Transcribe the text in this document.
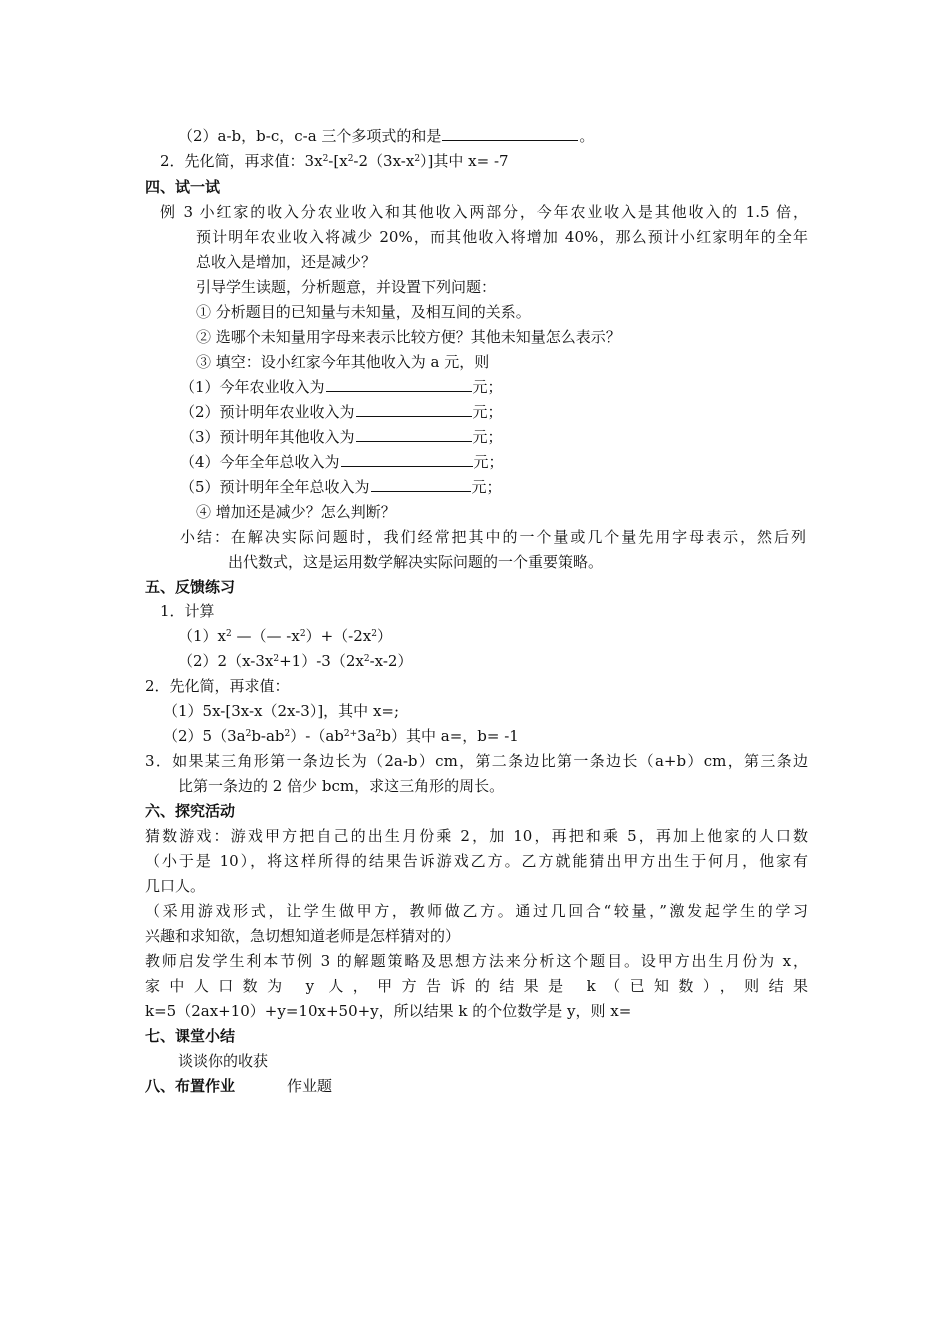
（2）a-b，b-c，c-a 三个多项式的和是	。
2．先化简，再求值：$3x^2-[x^2-2(3x-x^2)]$其中 x= -7
四、试一试
例 3 小红家的收入分农业收入和其他收入两部分，今年农业收入是其他收入的 1.5 倍，
预计明年农业收入将减少 20%，而其他收入将增加 40%，那么预计小红家明年的全年
总收入是增加，还是减少？
引导学生读题，分析题意，并设置下列问题：
① 分析题目的已知量与未知量，及相互间的关系。
② 选哪个未知量用字母来表示比较方便？其他未知量怎么表示？
③ 填空：设小红家今年其他收入为 a 元，则
（1）今年农业收入为	元；
（2）预计明年农业收入为	元；
（3）预计明年其他收入为	元；
（4）今年全年总收入为	元；
（5）预计明年全年总收入为	元；
④ 增加还是减少？怎么判断？
小结：在解决实际问题时，我们经常把其中的一个量或几个量先用字母表示，然后列
出代数式，这是运用数学解决实际问题的一个重要策略。
五、反馈练习
1．计算
$(1)x^2$ —（— $-x^2)+(-2x^2)$
$(2)2(x-3x^2+1)-3(2x^2-x-2)$
2．先化简，再求值：
（1）5x-[3x-x（2x-3）]，其中 x=;
$(2)5(3a^2b-ab^2)-(ab^{2+}3a^2b)$其中 a=，b= -1
3．如果某三角形第一条边长为（2a-b）cm，第二条边比第一条边长（a+b）cm，第三条边
比第一条边的 2 倍少 bcm，求这三角形的周长。
六、探究活动
猜数游戏：游戏甲方把自己的出生月份乘 2，加 10，再把和乘 5，再加上他家的人口数
（小于是 10），将这样所得的结果告诉游戏乙方。乙方就能猜出甲方出生于何月，他家有
几口人。
（采用游戏形式，让学生做甲方，教师做乙方。通过几回合“较量，”激发起学生的学习
兴趣和求知欲，急切想知道老师是怎样猜对的）
教师启发学生利本节例 3 的解题策略及思想方法来分析这个题目。设甲方出生月份为 x，
家中人口数为 y 人，甲方告诉的结果是 k（已知数），则结果
k=5（2ax+10）+y=10x+50+y，所以结果 k 的个位数学是 y，则 x=
七、课堂小结
谈谈你的收获
八、布置作业	作业题
